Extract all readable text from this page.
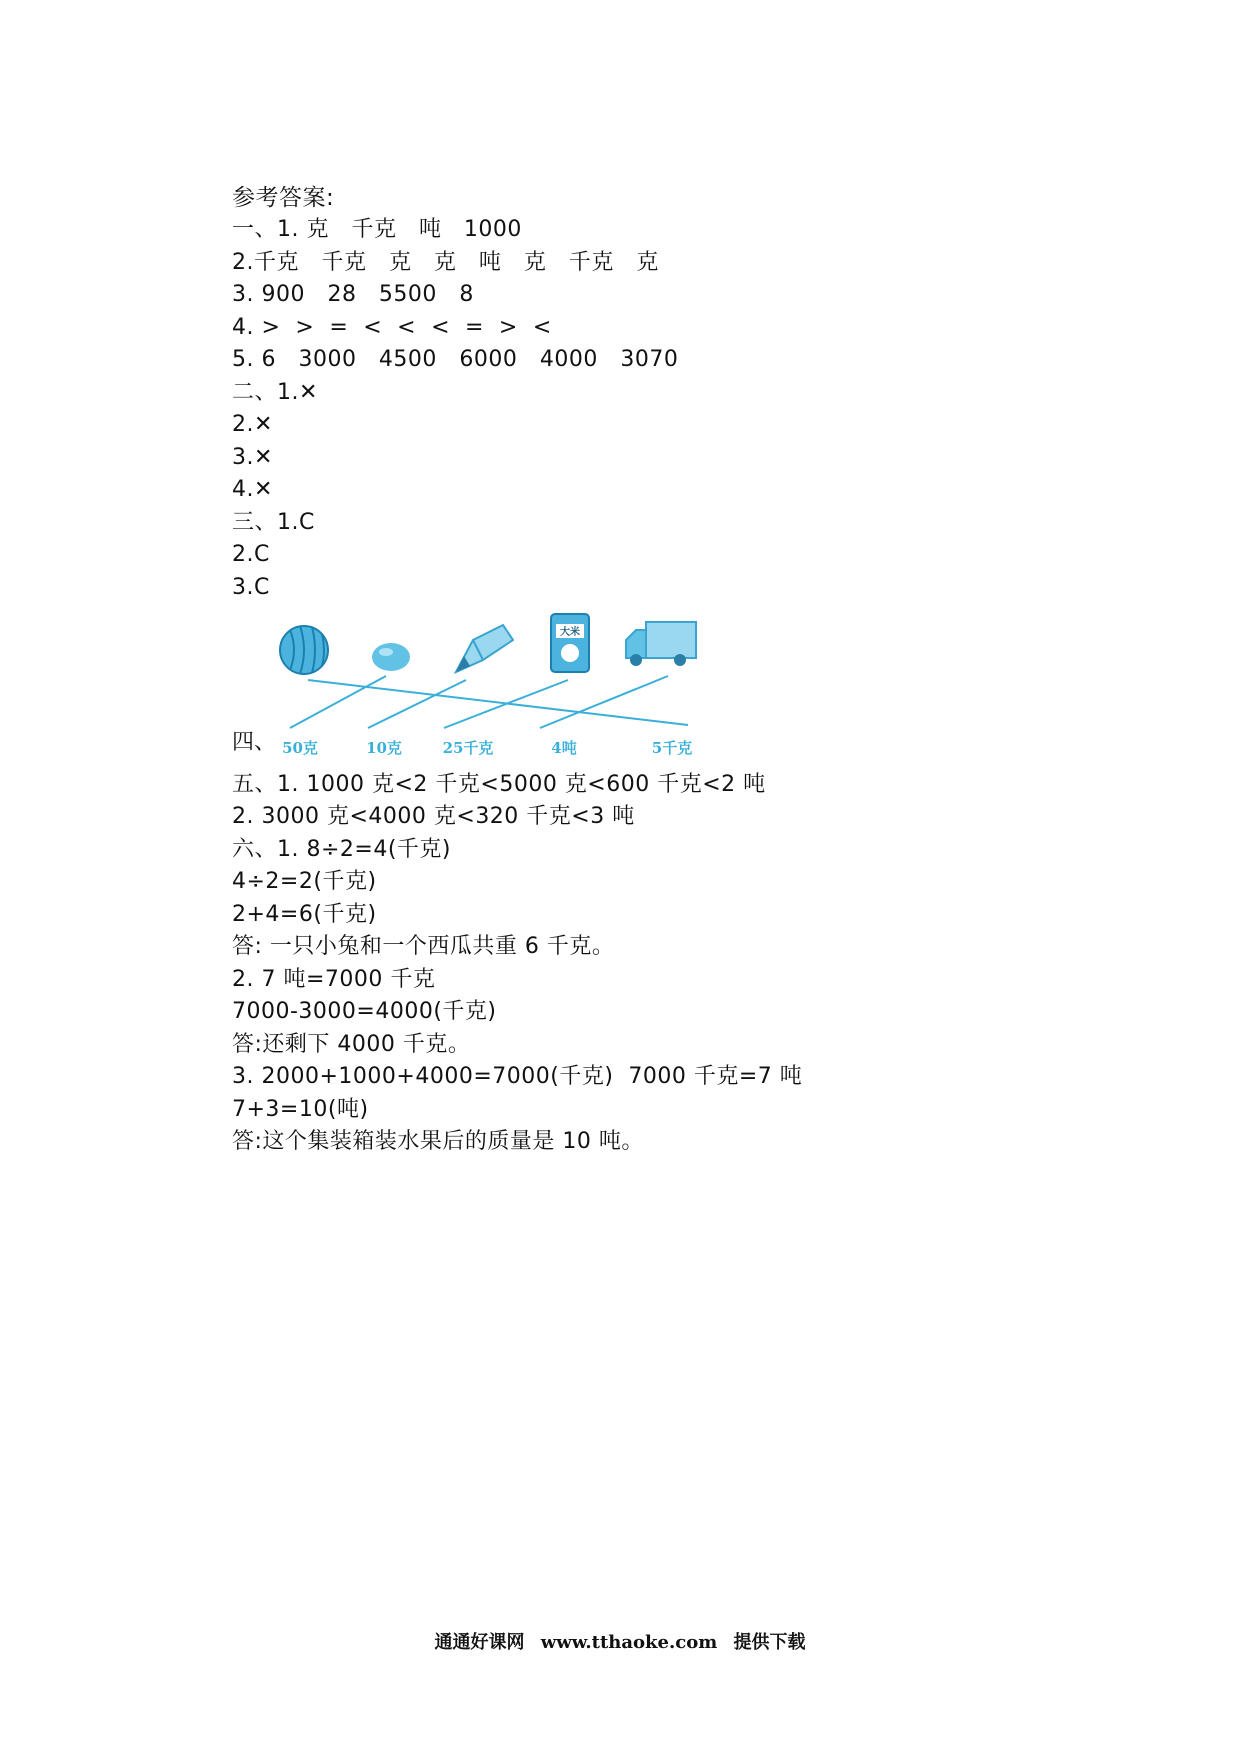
参考答案:
一、1. 克   千克   吨   1000
2.千克   千克   克   克   吨   克   千克   克
3. 900   28   5500   8
4. >  >  =  <  <  <  =  >  <
5. 6   3000   4500   6000   4000   3070
二、1.✕
2.✕
3.✕
4.✕
三、1.C
2.C
3.C
四、
大米
50克	10克	25千克	4吨	5千克
五、1. 1000 克<2 千克<5000 克<600 千克<2 吨
2. 3000 克<4000 克<320 千克<3 吨
六、1. 8÷2=4(千克)
4÷2=2(千克)
2+4=6(千克)
答: 一只小兔和一个西瓜共重 6 千克。
2. 7 吨=7000 千克
7000-3000=4000(千克)
答:还剩下 4000 千克。
3. 2000+1000+4000=7000(千克)  7000 千克=7 吨
7+3=10(吨)
答:这个集装箱装水果后的质量是 10 吨。
通通好课网 www.tthaoke.com 提供下载
